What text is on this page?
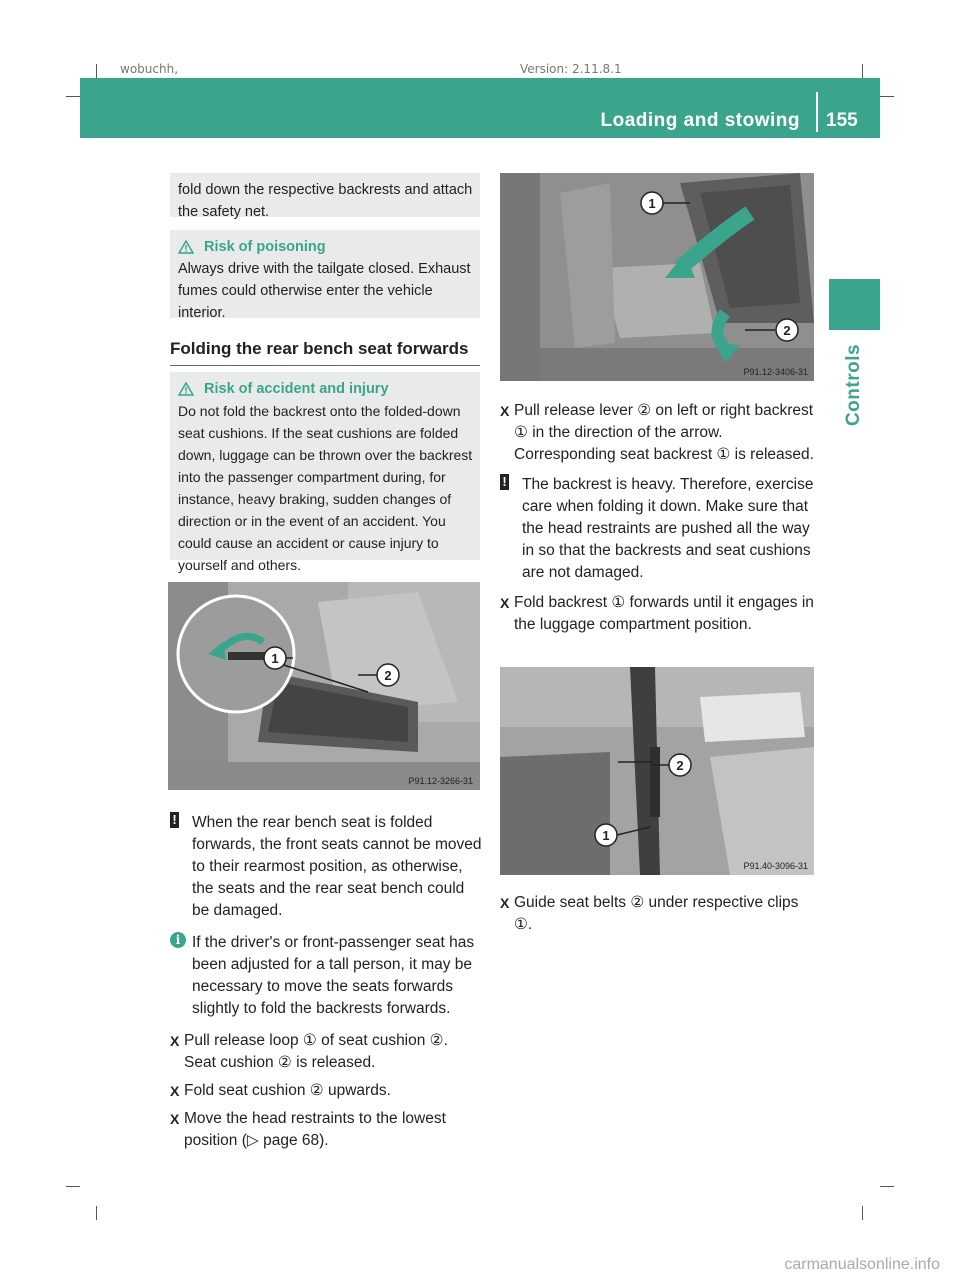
wobuchh,	Version: 2.11.8.1
Loading and stowing 155
Controls
fold down the respective backrests and attach the safety net.
Risk of poisoning
Always drive with the tailgate closed. Exhaust fumes could otherwise enter the vehicle interior.
Folding the rear bench seat forwards
Risk of accident and injury
Do not fold the backrest onto the folded-down seat cushions. If the seat cushions are folded down, luggage can be thrown over the backrest into the passenger compartment during, for instance, heavy braking, sudden changes of direction or in the event of an accident. You could cause an accident or cause injury to yourself and others.
1
2
P91.12-3266-31
! When the rear bench seat is folded forwards, the front seats cannot be moved to their rearmost position, as otherwise, the seats and the rear seat bench could be damaged.
i If the driver's or front-passenger seat has been adjusted for a tall person, it may be necessary to move the seats forwards slightly to fold the backrests forwards.
X Pull release loop ① of seat cushion ②. Seat cushion ② is released.
X Fold seat cushion ② upwards.
X Move the head restraints to the lowest position (▷ page 68).
1
2
P91.12-3406-31
X Pull release lever ② on left or right backrest ① in the direction of the arrow. Corresponding seat backrest ① is released.
! The backrest is heavy. Therefore, exercise care when folding it down. Make sure that the head restraints are pushed all the way in so that the backrests and seat cushions are not damaged.
X Fold backrest ① forwards until it engages in the luggage compartment position.
2
1
P91.40-3096-31
X Guide seat belts ② under respective clips ①.
carmanualsonline.info
